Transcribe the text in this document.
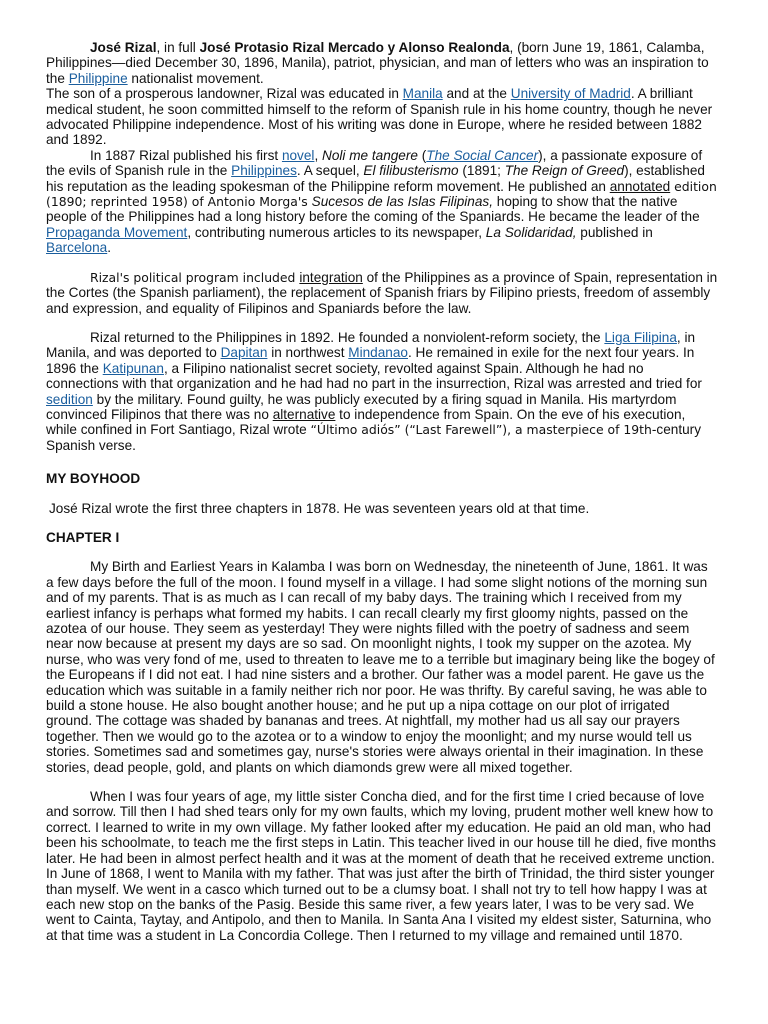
José Rizal, in full José Protasio Rizal Mercado y Alonso Realonda, (born June 19, 1861, Calamba, Philippines—died December 30, 1896, Manila), patriot, physician, and man of letters who was an inspiration to the Philippine nationalist movement.

The son of a prosperous landowner, Rizal was educated in Manila and at the University of Madrid. A brilliant medical student, he soon committed himself to the reform of Spanish rule in his home country, though he never advocated Philippine independence. Most of his writing was done in Europe, where he resided between 1882 and 1892.

In 1887 Rizal published his first novel, Noli me tangere (The Social Cancer), a passionate exposure of the evils of Spanish rule in the Philippines. A sequel, El filibusterismo (1891; The Reign of Greed), established his reputation as the leading spokesman of the Philippine reform movement. He published an annotated edition (1890; reprinted 1958) of Antonio Morga's Sucesos de las Islas Filipinas, hoping to show that the native people of the Philippines had a long history before the coming of the Spaniards. He became the leader of the Propaganda Movement, contributing numerous articles to its newspaper, La Solidaridad, published in Barcelona.

Rizal's political program included integration of the Philippines as a province of Spain, representation in the Cortes (the Spanish parliament), the replacement of Spanish friars by Filipino priests, freedom of assembly and expression, and equality of Filipinos and Spaniards before the law.

Rizal returned to the Philippines in 1892. He founded a nonviolent-reform society, the Liga Filipina, in Manila, and was deported to Dapitan in northwest Mindanao. He remained in exile for the next four years. In 1896 the Katipunan, a Filipino nationalist secret society, revolted against Spain. Although he had no connections with that organization and he had had no part in the insurrection, Rizal was arrested and tried for sedition by the military. Found guilty, he was publicly executed by a firing squad in Manila. His martyrdom convinced Filipinos that there was no alternative to independence from Spain. On the eve of his execution, while confined in Fort Santiago, Rizal wrote “Último adiós” (“Last Farewell”), a masterpiece of 19th-century Spanish verse.

MY BOYHOOD

José Rizal wrote the first three chapters in 1878. He was seventeen years old at that time.

CHAPTER I

My Birth and Earliest Years in Kalamba I was born on Wednesday, the nineteenth of June, 1861. It was a few days before the full of the moon. I found myself in a village. I had some slight notions of the morning sun and of my parents. That is as much as I can recall of my baby days. The training which I received from my earliest infancy is perhaps what formed my habits. I can recall clearly my first gloomy nights, passed on the azotea of our house. They seem as yesterday! They were nights filled with the poetry of sadness and seem near now because at present my days are so sad. On moonlight nights, I took my supper on the azotea. My nurse, who was very fond of me, used to threaten to leave me to a terrible but imaginary being like the bogey of the Europeans if I did not eat. I had nine sisters and a brother. Our father was a model parent. He gave us the education which was suitable in a family neither rich nor poor. He was thrifty. By careful saving, he was able to build a stone house. He also bought another house; and he put up a nipa cottage on our plot of irrigated ground. The cottage was shaded by bananas and trees. At nightfall, my mother had us all say our prayers together. Then we would go to the azotea or to a window to enjoy the moonlight; and my nurse would tell us stories. Sometimes sad and sometimes gay, nurse's stories were always oriental in their imagination. In these stories, dead people, gold, and plants on which diamonds grew were all mixed together.

When I was four years of age, my little sister Concha died, and for the first time I cried because of love and sorrow. Till then I had shed tears only for my own faults, which my loving, prudent mother well knew how to correct. I learned to write in my own village. My father looked after my education. He paid an old man, who had been his schoolmate, to teach me the first steps in Latin. This teacher lived in our house till he died, five months later. He had been in almost perfect health and it was at the moment of death that he received extreme unction. In June of 1868, I went to Manila with my father. That was just after the birth of Trinidad, the third sister younger than myself. We went in a casco which turned out to be a clumsy boat. I shall not try to tell how happy I was at each new stop on the banks of the Pasig. Beside this same river, a few years later, I was to be very sad. We went to Cainta, Taytay, and Antipolo, and then to Manila. In Santa Ana I visited my eldest sister, Saturnina, who at that time was a student in La Concordia College. Then I returned to my village and remained until 1870.
